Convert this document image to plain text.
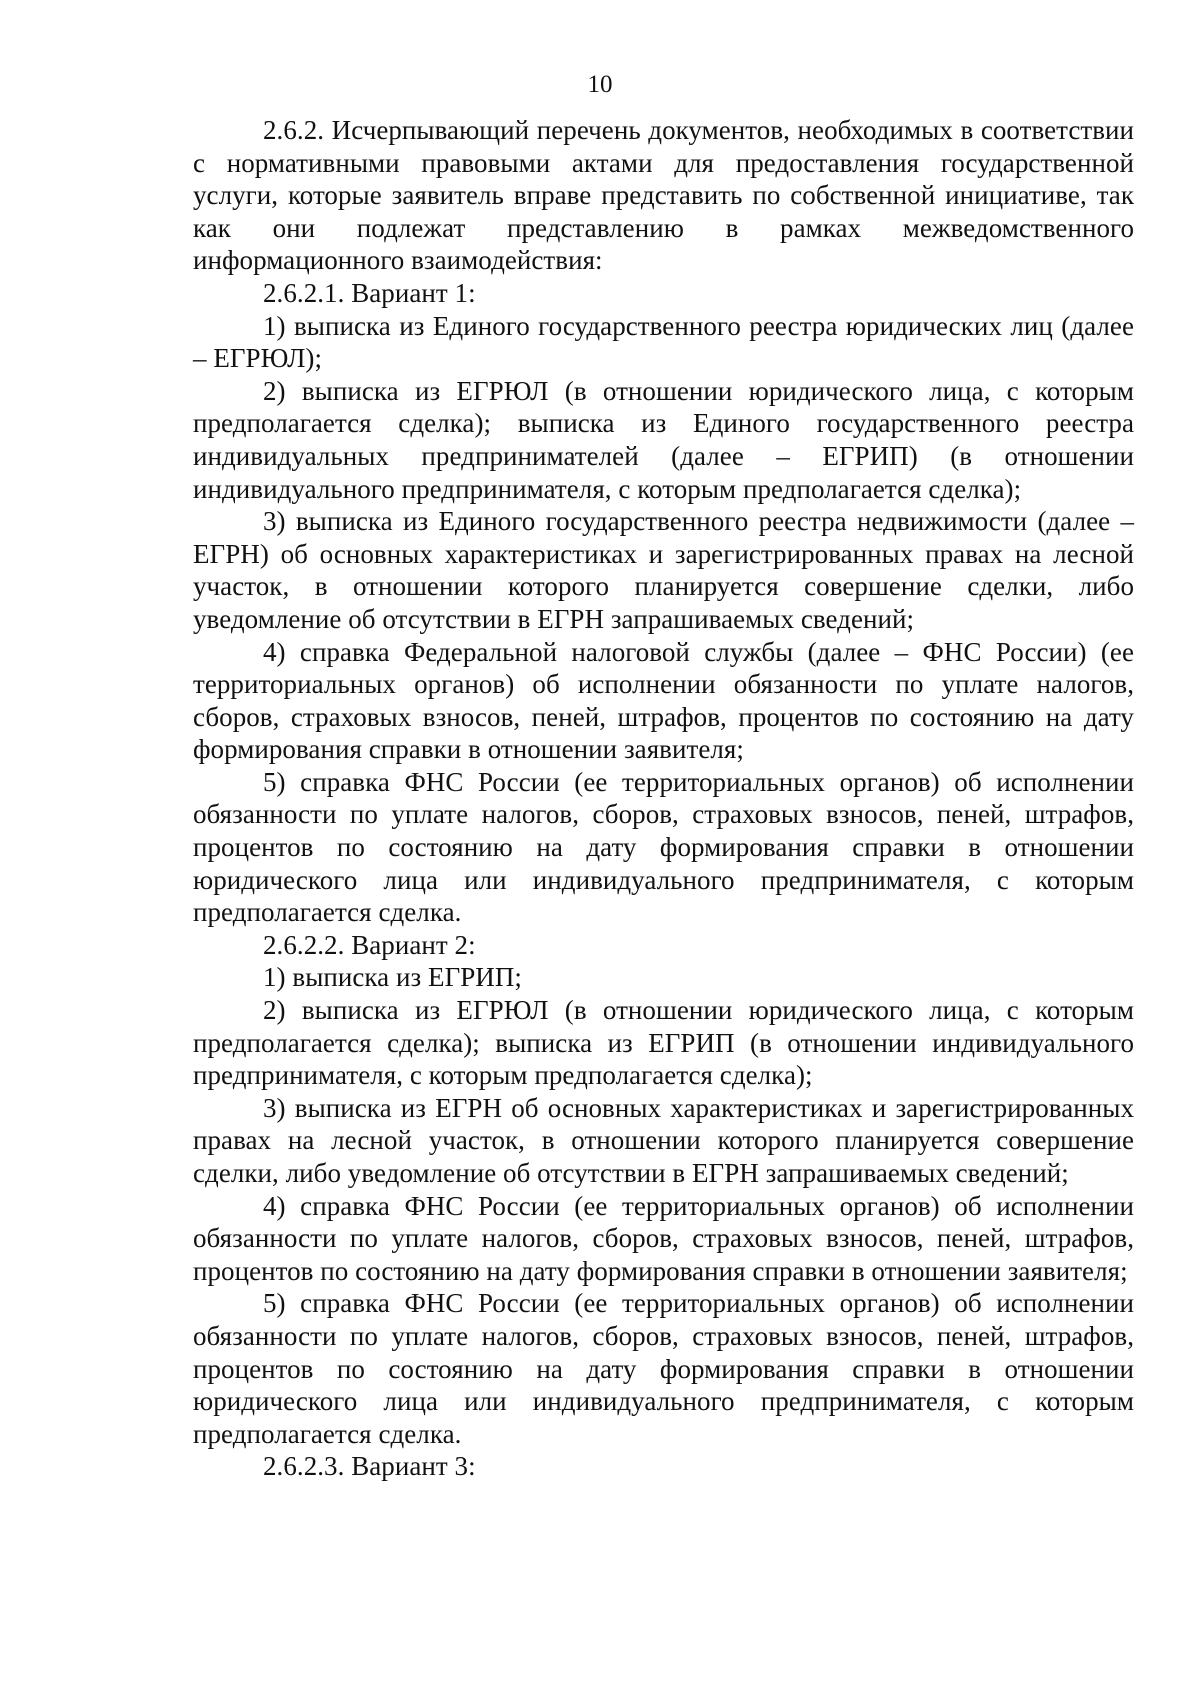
10

2.6.2. Исчерпывающий перечень документов, необходимых в соответствии с нормативными правовыми актами для предоставления государственной услуги, которые заявитель вправе представить по собственной инициативе, так как они подлежат представлению в рамках межведомственного информационного взаимодействия:

2.6.2.1. Вариант 1:

1) выписка из Единого государственного реестра юридических лиц (далее – ЕГРЮЛ);

2) выписка из ЕГРЮЛ (в отношении юридического лица, с которым предполагается сделка); выписка из Единого государственного реестра индивидуальных предпринимателей (далее – ЕГРИП) (в отношении индивидуального предпринимателя, с которым предполагается сделка);

3) выписка из Единого государственного реестра недвижимости (далее – ЕГРН) об основных характеристиках и зарегистрированных правах на лесной участок, в отношении которого планируется совершение сделки, либо уведомление об отсутствии в ЕГРН запрашиваемых сведений;

4) справка Федеральной налоговой службы (далее – ФНС России) (ее территориальных органов) об исполнении обязанности по уплате налогов, сборов, страховых взносов, пеней, штрафов, процентов по состоянию на дату формирования справки в отношении заявителя;

5) справка ФНС России (ее территориальных органов) об исполнении обязанности по уплате налогов, сборов, страховых взносов, пеней, штрафов, процентов по состоянию на дату формирования справки в отношении юридического лица или индивидуального предпринимателя, с которым предполагается сделка.

2.6.2.2. Вариант 2:

1) выписка из ЕГРИП;

2) выписка из ЕГРЮЛ (в отношении юридического лица, с которым предполагается сделка); выписка из ЕГРИП (в отношении индивидуального предпринимателя, с которым предполагается сделка);

3) выписка из ЕГРН об основных характеристиках и зарегистрированных правах на лесной участок, в отношении которого планируется совершение сделки, либо уведомление об отсутствии в ЕГРН запрашиваемых сведений;

4) справка ФНС России (ее территориальных органов) об исполнении обязанности по уплате налогов, сборов, страховых взносов, пеней, штрафов, процентов по состоянию на дату формирования справки в отношении заявителя;

5) справка ФНС России (ее территориальных органов) об исполнении обязанности по уплате налогов, сборов, страховых взносов, пеней, штрафов, процентов по состоянию на дату формирования справки в отношении юридического лица или индивидуального предпринимателя, с которым предполагается сделка.

2.6.2.3. Вариант 3:
